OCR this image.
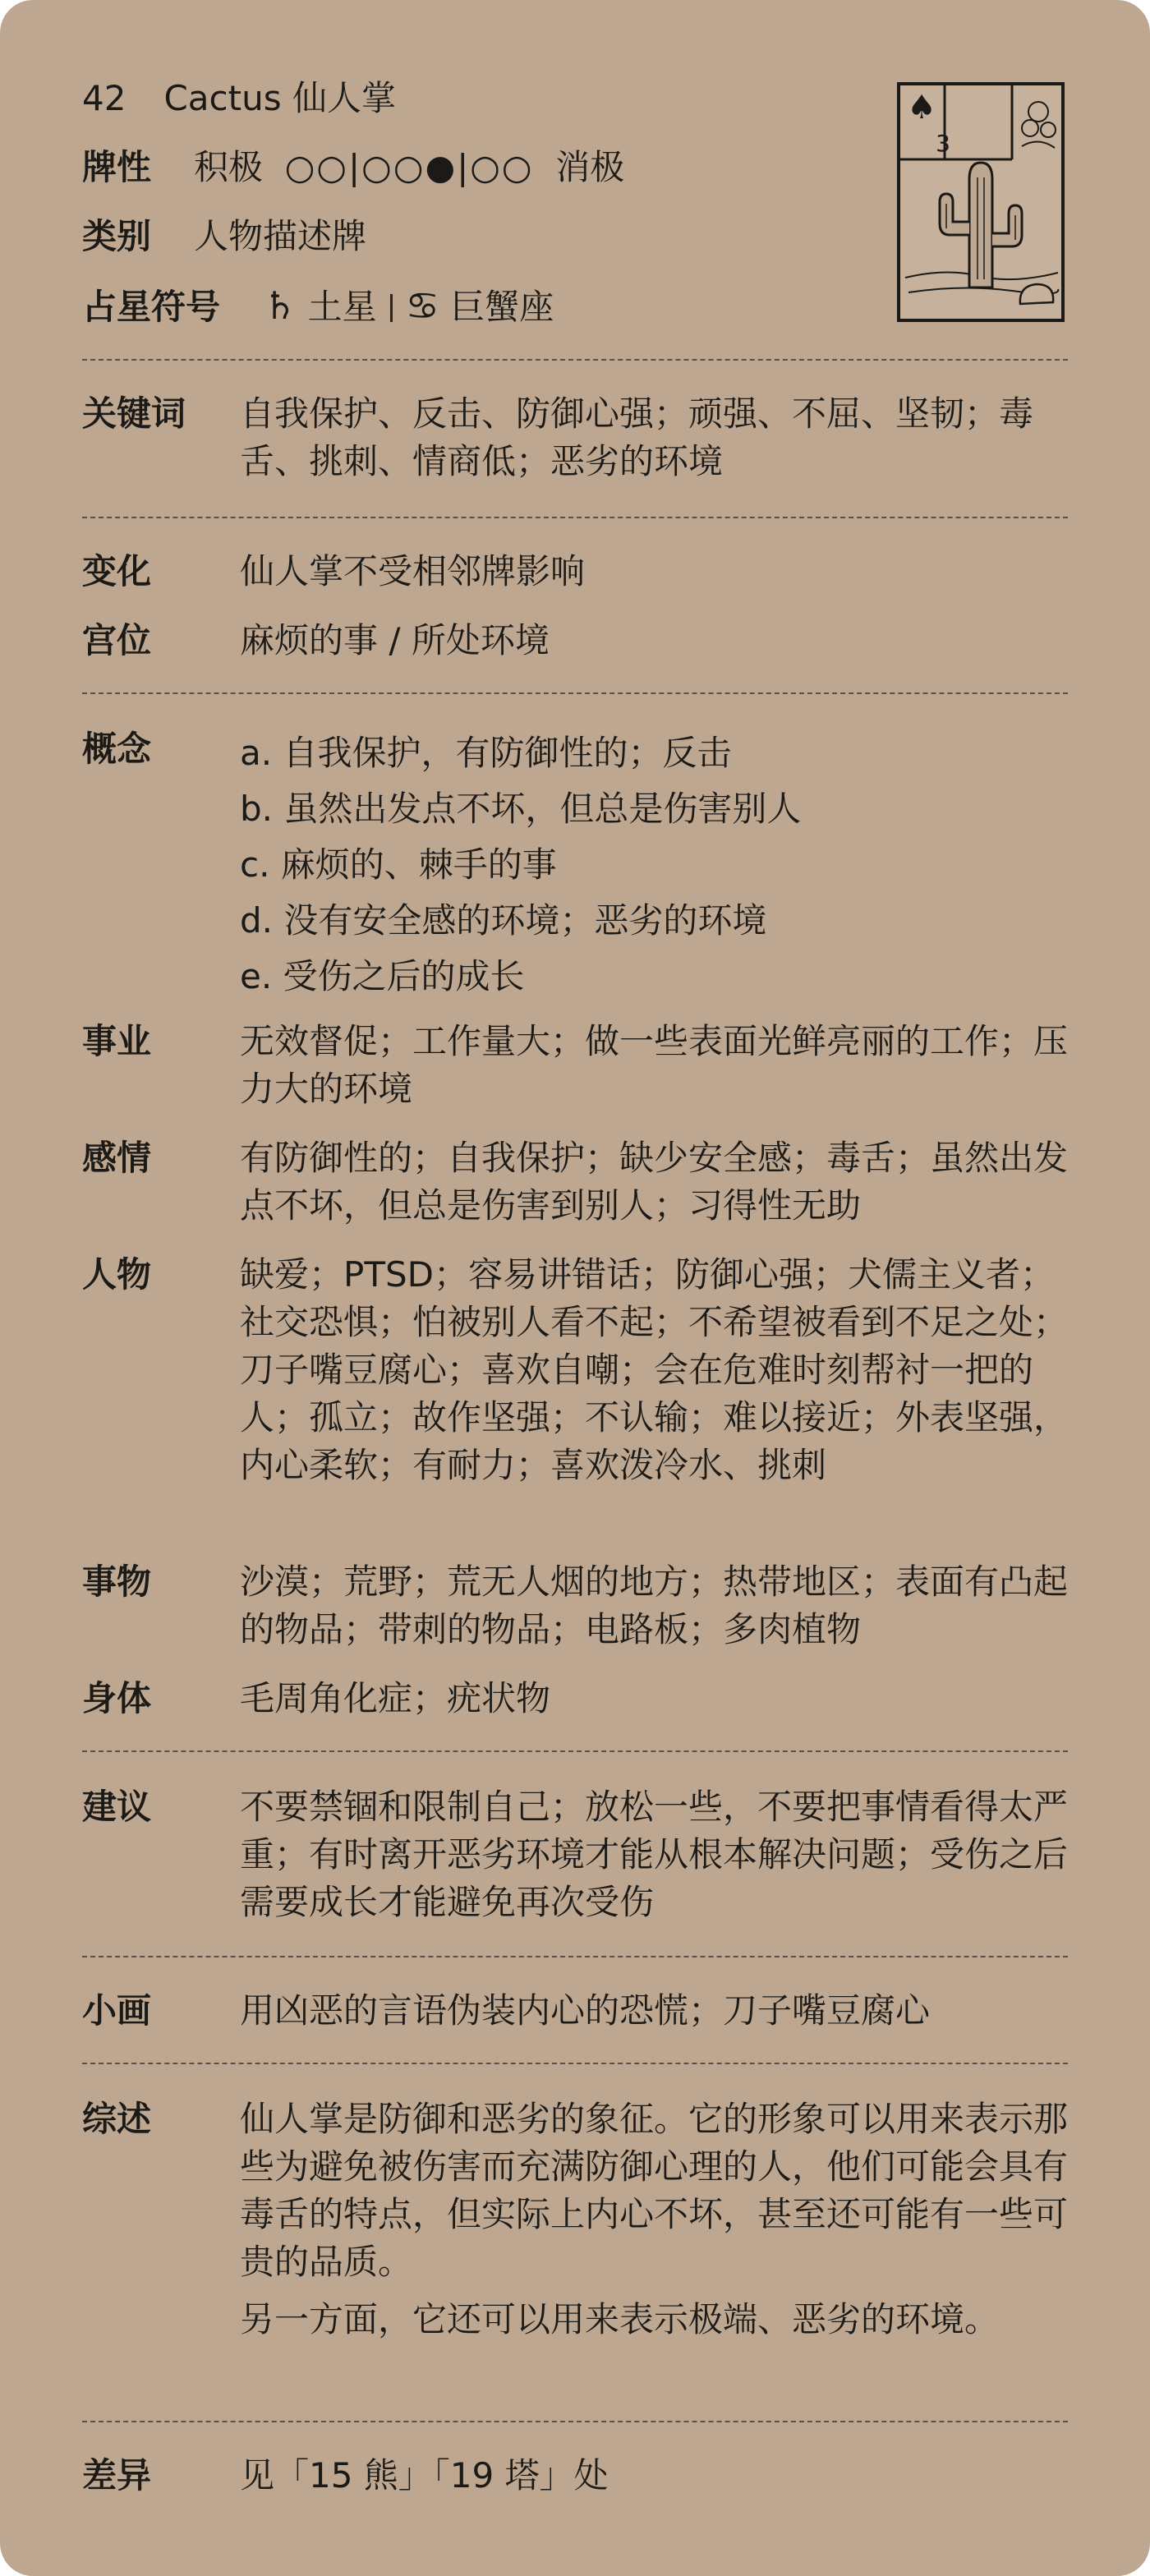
42 Cactus 仙人掌
牌性 积极 ○○|○○●|○○ 消极
类别 人物描述牌
占星符号 ♄ 土星 ♋ 巨蟹座
♠
3
关键词 自我保护、反击、防御心强；顽强、不屈、坚韧；毒舌、挑刺、情商低；恶劣的环境
变化	仙人掌不受相邻牌影响
宫位	麻烦的事 / 所处环境
概念	a. 自我保护，有防御性的；反击

b. 虽然出发点不坏，但总是伤害别人

c. 麻烦的、棘手的事

d. 没有安全感的环境；恶劣的环境

e. 受伤之后的成长

事业	无效督促；工作量大；做一些表面光鲜亮丽的工作；压力大的环境
感情	有防御性的；自我保护；缺少安全感；毒舌；虽然出发点不坏，但总是伤害到别人；习得性无助
人物	缺爱；PTSD；容易讲错话；防御心强；犬儒主义者；社交恐惧；怕被别人看不起；不希望被看到不足之处；刀子嘴豆腐心；喜欢自嘲；会在危难时刻帮衬一把的人；孤立；故作坚强；不认输；难以接近；外表坚强，内心柔软；有耐力；喜欢泼冷水、挑刺
事物	沙漠；荒野；荒无人烟的地方；热带地区；表面有凸起的物品；带刺的物品；电路板；多肉植物
身体	毛周角化症；疣状物
建议	不要禁锢和限制自己；放松一些，不要把事情看得太严重；有时离开恶劣环境才能从根本解决问题；受伤之后需要成长才能避免再次受伤
小画	用凶恶的言语伪装内心的恐慌；刀子嘴豆腐心
综述	仙人掌是防御和恶劣的象征。它的形象可以用来表示那些为避免被伤害而充满防御心理的人，他们可能会具有毒舌的特点，但实际上内心不坏，甚至还可能有一些可贵的品质。

另一方面，它还可以用来表示极端、恶劣的环境。

差异	见「15 熊」「19 塔」处
